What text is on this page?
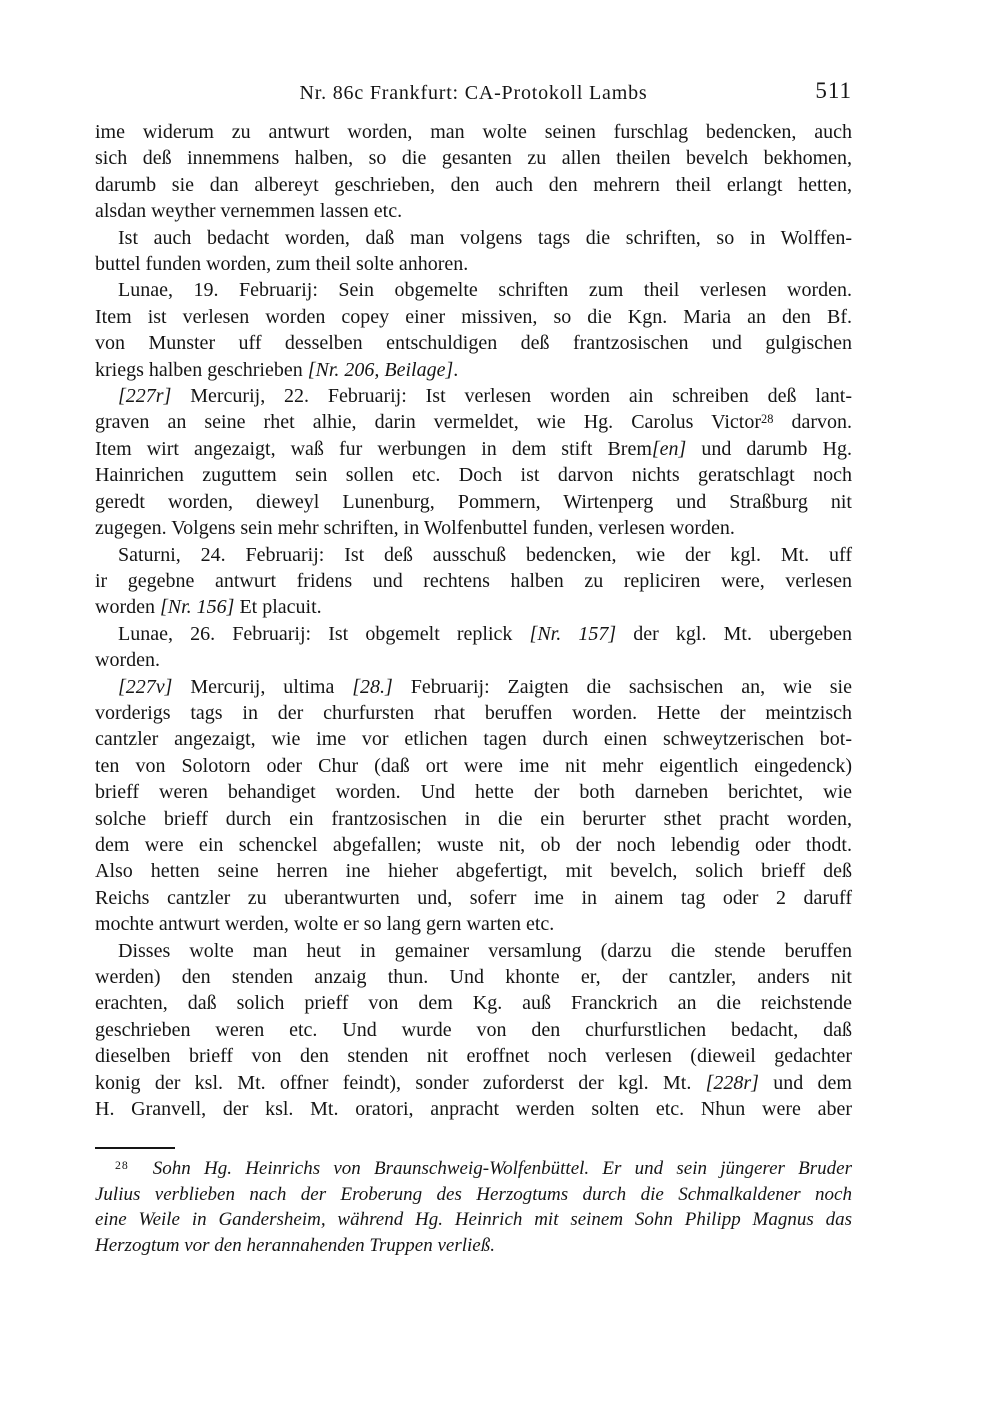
Nr. 86c Frankfurt: CA-Protokoll Lambs	511

ime widerum zu antwurt worden, man wolte seinen furschlag bedencken, auch
sich deß innemmens halben, so die gesanten zu allen theilen bevelch bekhomen,
darumb sie dan albereyt geschrieben, den auch den mehrern theil erlangt hetten,
alsdan weyther vernemmen lassen etc.

Ist auch bedacht worden, daß man volgens tags die schriften, so in Wolffen-
buttel funden worden, zum theil solte anhoren.

Lunae, 19. Februarij: Sein obgemelte schriften zum theil verlesen worden.
Item ist verlesen worden copey einer missiven, so die Kgn. Maria an den Bf.
von Munster uff desselben entschuldigen deß frantzosischen und gulgischen
kriegs halben geschrieben [Nr. 206, Beilage].

[227r] Mercurij, 22. Februarij: Ist verlesen worden ain schreiben deß lant-
graven an seine rhet alhie, darin vermeldet, wie Hg. Carolus Victor$^{28}$ darvon.
Item wirt angezaigt, waß fur werbungen in dem stift Brem[en] und darumb Hg.
Hainrichen zuguttem sein sollen etc. Doch ist darvon nichts geratschlagt noch
geredt worden, dieweyl Lunenburg, Pommern, Wirtenperg und Straßburg nit
zugegen. Volgens sein mehr schriften, in Wolfenbuttel funden, verlesen worden.

Saturni, 24. Februarij: Ist deß ausschuß bedencken, wie der kgl. Mt. uff
ir gegebne antwurt fridens und rechtens halben zu repliciren were, verlesen
worden [Nr. 156] Et placuit.

Lunae, 26. Februarij: Ist obgemelt replick [Nr. 157] der kgl. Mt. ubergeben
worden.

[227v] Mercurij, ultima [28.] Februarij: Zaigten die sachsischen an, wie sie
vorderigs tags in der churfursten rhat beruffen worden. Hette der meintzisch
cantzler angezaigt, wie ime vor etlichen tagen durch einen schweytzerischen bot-
ten von Solotorn oder Chur (daß ort were ime nit mehr eigentlich eingedenck)
brieff weren behandiget worden. Und hette der both darneben berichtet, wie
solche brieff durch ein frantzosischen in die ein berurter sthet pracht worden,
dem were ein schenckel abgefallen; wuste nit, ob der noch lebendig oder thodt.
Also hetten seine herren ine hieher abgefertigt, mit bevelch, solich brieff deß
Reichs cantzler zu uberantwurten und, soferr ime in ainem tag oder 2 daruff
mochte antwurt werden, wolte er so lang gern warten etc.

Disses wolte man heut in gemainer versamlung (darzu die stende beruffen
werden) den stenden anzaig thun. Und khonte er, der cantzler, anders nit
erachten, daß solich prieff von dem Kg. auß Franckrich an die reichstende
geschrieben weren etc. Und wurde von den churfurstlichen bedacht, daß
dieselben brieff von den stenden nit eroffnet noch verlesen (dieweil gedachter
konig der ksl. Mt. offner feindt), sonder zuforderst der kgl. Mt. [228r] und dem
H. Granvell, der ksl. Mt. oratori, anpracht werden solten etc. Nhun were aber

$^{28}$ Sohn Hg. Heinrichs von Braunschweig-Wolfenbüttel. Er und sein jüngerer Bruder
Julius verblieben nach der Eroberung des Herzogtums durch die Schmalkaldener noch
eine Weile in Gandersheim, während Hg. Heinrich mit seinem Sohn Philipp Magnus das
Herzogtum vor den herannahenden Truppen verließ.
